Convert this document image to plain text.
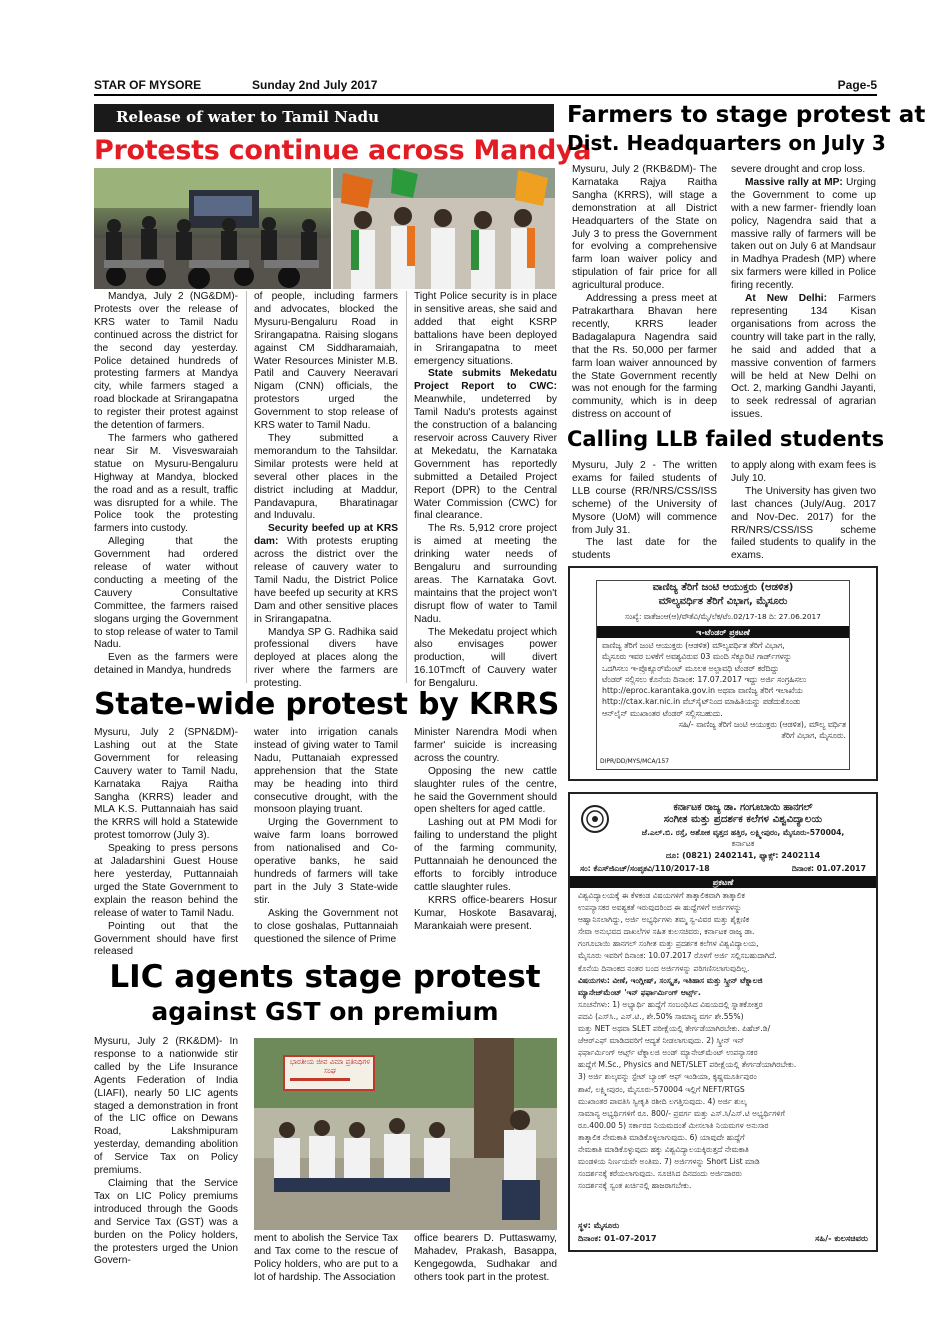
STAR OF MYSORE	Sunday 2nd July 2017	Page-5
Release of water to Tamil Nadu
Protests continue across Mandya

Mandya, July 2 (NG&DM)- Protests over the release of KRS water to Tamil Nadu continued across the district for the second day yesterday. Police detained hundreds of protesting farmers at Mandya city, while farmers staged a road blockade at Srirangapatna to register their protest against the detention of farmers.

The farmers who gathered near Sir M. Visveswaraiah statue on Mysuru-Bengaluru Highway at Mandya, blocked the road and as a result, traffic was disrupted for a while. The Police took the protesting farmers into custody.

Alleging that the Government had ordered release of water without conducting a meeting of the Cauvery Consultative Committee, the farmers raised slogans urging the Government to stop release of water to Tamil Nadu.

Even as the farmers were detained in Mandya, hundreds

of people, including farmers and advocates, blocked the Mysuru-Bengaluru Road in Srirangapatna. Raising slogans against CM Siddharamaiah, Water Resources Minister M.B. Patil and Cauvery Neeravari Nigam (CNN) officials, the protestors urged the Government to stop release of KRS water to Tamil Nadu.

They submitted a memorandum to the Tahsildar. Similar protests were held at several other places in the district including at Maddur, Pandavapura, Bharatinagar and Induvalu.

Security beefed up at KRS dam: With protests erupting across the district over the release of cauvery water to Tamil Nadu, the District Police have beefed up security at KRS Dam and other sensitive places in Srirangapatna.

Mandya SP G. Radhika said professional divers have deployed at places along the river where the farmers are protesting.

Tight Police security is in place in sensitive areas, she said and added that eight KSRP battalions have been deployed in Srirangapatna to meet emergency situations.

State submits Mekedatu Project Report to CWC: Meanwhile, undeterred by Tamil Nadu's protests against the construction of a balancing reservoir across Cauvery River at Mekedatu, the Karnataka Government has reportedly submitted a Detailed Project Report (DPR) to the Central Water Commission (CWC) for final clearance.

The Rs. 5,912 crore project is aimed at meeting the drinking water needs of Bengaluru and surrounding areas. The Karnataka Govt. maintains that the project won't disrupt flow of water to Tamil Nadu.

The Mekedatu project which also envisages power production, will divert 16.10Tmcft of Cauvery water for Bengaluru.

State-wide protest by KRRS

Mysuru, July 2 (SPN&DM)- Lashing out at the State Government for releasing Cauvery water to Tamil Nadu, Karnataka Rajya Raitha Sangha (KRRS) leader and MLA K.S. Puttannaiah has said the KRRS will hold a Statewide protest tomorrow (July 3).

Speaking to press persons at Jaladarshini Guest House here yesterday, Puttannaiah urged the State Government to explain the reason behind the release of water to Tamil Nadu.

Pointing out that the Government should have first released

water into irrigation canals instead of giving water to Tamil Nadu, Puttanaiah expressed apprehension that the State may be heading into third consecutive drought, with the monsoon playing truant.

Urging the Government to waive farm loans borrowed from nationalised and Co-operative banks, he said hundreds of farmers will take part in the July 3 State-wide stir.

Asking the Government not to close goshalas, Puttannaiah questioned the silence of Prime

Minister Narendra Modi when farmer' suicide is increasing across the country.

Opposing the new cattle slaughter rules of the centre, he said the Government should open shelters for aged cattle.

Lashing out at PM Modi for failing to understand the plight of the farming community, Puttannaiah he denounced the efforts to forcibly introduce cattle slaughter rules.

KRRS office-bearers Hosur Kumar, Hoskote Basavaraj, Marankaiah were present.

LIC agents stage protest
against GST on premium

Mysuru, July 2 (RK&DM)- In response to a nationwide stir called by the Life Insurance Agents Federation of India (LIAFI), nearly 50 LIC agents staged a demonstration in front of the LIC office on Dewans Road, Lakshmipuram yesterday, demanding abolition of Service Tax on Policy premiums.

Claiming that the Service Tax on LIC Policy premiums introduced through the Goods and Service Tax (GST) was a burden on the Policy holders, the protesters urged the Union Govern-

ಭಾರತೀಯ ಜೀವ ವಿಮಾ ಪ್ರತಿನಿಧಿಗಳ ಸಂಘ

ment to abolish the Service Tax and Tax come to the rescue of Policy holders, who are put to a lot of hardship. The Association

office bearers D. Puttaswamy, Mahadev, Prakash, Basappa, Kengegowda, Sudhakar and others took part in the protest.

Farmers to stage protest at
Dist. Headquarters on July 3

Mysuru, July 2 (RKB&DM)- The Karnataka Rajya Raitha Sangha (KRRS), will stage a demonstration at all District Headquarters of the State on July 3 to press the Government for evolving a comprehensive farm loan waiver policy and stipulation of fair price for all agricultural produce.

Addressing a press meet at Patrakarthara Bhavan here recently, KRRS leader Badagalapura Nagendra said that the Rs. 50,000 per farmer farm loan waiver announced by the State Government recently was not enough for the farming community, which is in deep distress on account of

severe drought and crop loss.

Massive rally at MP: Urging the Government to come up with a new farmer- friendly loan policy, Nagendra said that a massive rally of farmers will be taken out on July 6 at Mandsaur in Madhya Pradesh (MP) where six farmers were killed in Police firing recently.

At New Delhi: Farmers representing 134 Kisan organisations from across the country will take part in the rally, he said and added that a massive convention of farmers will be held at New Delhi on Oct. 2, marking Gandhi Jayanti, to seek redressal of agrarian issues.

Calling LLB failed students

Mysuru, July 2 - The written exams for failed students of LLB course (RR/NRS/CSS/ISS scheme) of the University of Mysore (UoM) will commence from July 31.

The last date for the students

to apply along with exam fees is July 10.

The University has given two last chances (July/Aug. 2017 and Nov-Dec. 2017) for the RR/NRS/CSS/ISS scheme failed students to qualify in the exams.

ವಾಣಿಜ್ಯ ತೆರಿಗೆ ಜಂಟಿ ಆಯುಕ್ತರು (ಆಡಳಿತ)
ಮೌಲ್ಯವರ್ಧಿತ ತೆರಿಗೆ ವಿಭಾಗ, ಮೈಸೂರು
ಸಂಖ್ಯೆ: ವಾತೆಜಂಆ(ಆ)/ವೌತೆವಿ/ಮೈ/ಲೆಕ/ಟೆಂ.02/17-18 ದಿ: 27.06.2017
ಇ-ಟೆಂಡರ್ ಪ್ರಕಟಣೆ
ವಾಣಿಜ್ಯ ತೆರಿಗೆ ಜಂಟಿ ಆಯುಕ್ತರು (ಆಡಳಿತ) ಮೌಲ್ಯವರ್ಧಿತ ತೆರಿಗೆ ವಿಭಾಗ,
ಮೈಸೂರು ಇವರ ಬಳಕೆಗೆ ಅವಶ್ಯವಿರುವ 03 ಮಂದಿ ಸೆಕ್ಯೂರಿಟಿ ಗಾರ್ಡ್‌ಗಳನ್ನು
ಒದಗಿಸಲು ಇ-ಪ್ರೊಕ್ಯೂರ್‌ಮೆಂಟ್ ಮೂಲಕ ಅಲ್ಪಾವಧಿ ಟೆಂಡರ್ ಕರೆದಿದ್ದು
ಟೆಂಡರ್ ಸಲ್ಲಿಸಲು ಕೊನೆಯ ದಿನಾಂಕ: 17.07.2017 ಇದ್ದು ಅರ್ಜಿ ಸಂಗ್ರಹಿಸಲು
http://eproc.karantaka.gov.in ಅಥವಾ ವಾಣಿಜ್ಯ ತೆರಿಗೆ ಇಲಾಖೆಯ
http://ctax.kar.nic.in ವೆಬ್‌ಸೈಟ್‌ನಿಂದ ಮಾಹಿತಿಯನ್ನು ಪಡೆದುಕೊಂಡು
ಆನ್‌ಲೈನ್ ಮುಖಾಂತರ ಟೆಂಡರ್ ಸಲ್ಲಿಸಬಹುದು.
ಸಹಿ/- ವಾಣಿಜ್ಯ ತೆರಿಗೆ ಜಂಟಿ ಆಯುಕ್ತರು (ಆಡಳಿತ), ಮೌಲ್ಯ ವರ್ಧಿತ
ತೆರಿಗೆ ವಿಭಾಗ, ಮೈಸೂರು.
DIPR/DD/MYS/MCA/157
ಕರ್ನಾಟಕ ರಾಜ್ಯ ಡಾ. ಗಂಗೂಬಾಯಿ ಹಾನಗಲ್
ಸಂಗೀತ ಮತ್ತು ಪ್ರದರ್ಶಕ ಕಲೆಗಳ ವಿಶ್ವವಿದ್ಯಾಲಯ
ಜೆ.ಎಲ್.ಬಿ. ರಸ್ತೆ, ಅಶೋಕ ವೃತ್ತದ ಹತ್ತಿರ, ಲಕ್ಷ್ಮೀಪುರಂ, ಮೈಸೂರು-570004,
ಕರ್ನಾಟಕ
ದೂ: (0821) 2402141, ಫ್ಯಾಕ್ಸ್: 2402114
ಸಂ: ಕೆಎಸ್‌ಜಿಎಚ್/ಸಂಪೃಕವಿ/110/2017-18	ದಿನಾಂಕ: 01.07.2017
ಪ್ರಕಟಣೆ
ವಿಶ್ವವಿದ್ಯಾಲಯಕ್ಕೆ ಈ ಕೆಳಕಂಡ ವಿಷಯಗಳಿಗೆ ತಾತ್ಕಾಲಿಕವಾಗಿ ತಾತ್ಕಾಲಿಕ
ಉಪನ್ಯಾಸಕರ ಅವಶ್ಯಕತೆ ಇರುವುದರಿಂದ ಈ ಹುದ್ದೆಗಳಿಗೆ ಅರ್ಜಿಗಳನ್ನು
ಆಹ್ವಾನಿಸಲಾಗಿದ್ದು, ಅರ್ಜಿ ಅಭ್ಯರ್ಥಿಗಳು ತಮ್ಮ ಸ್ವ-ವಿವರ ಮತ್ತು ಶೈಕ್ಷಣಿಕ
ಸೇವಾ ಅನುಭವದ ದಾಖಲೆಗಳ ಸಹಿತ ಕುಲಸಚಿವರು, ಕರ್ನಾಟಕ ರಾಜ್ಯ ಡಾ.
ಗಂಗೂಬಾಯಿ ಹಾನಗಲ್ ಸಂಗೀತ ಮತ್ತು ಪ್ರದರ್ಶಕ ಕಲೆಗಳ ವಿಶ್ವವಿದ್ಯಾಲಯ,
ಮೈಸೂರು ಇವರಿಗೆ ದಿನಾಂಕ: 10.07.2017 ರೊಳಗೆ ಅರ್ಜಿ ಸಲ್ಲಿಸಬಹುದಾಗಿದೆ.
ಕೊನೆಯ ದಿನಾಂಕದ ನಂತರ ಬಂದ ಅರ್ಜಿಗಳನ್ನು ಪರಿಗಣಿಸಲಾಗುವುದಿಲ್ಲ.
ವಿಷಯಗಳು: ವೀಣೆ, ಇಂಗ್ಲೀಷ್, ಸಂಸ್ಕೃತ, ಇತಿಹಾಸ ಮತ್ತು ಸ್ಕ್ರೀನ್ ಟೆಕ್ನಾಲಜಿ
ಮ್ಯಾನೇಜ್‌ಮೆಂಟ್ 'ಇನ್ ಫರ್ಫಾರ್ಮಿಂಗ್ ಆರ್ಟ್ಸ್.
ಸೂಚನೆಗಳು: 1) ಅಭ್ಯಾರ್ಥಿ ಹುದ್ದೆಗೆ ಸಂಬಂಧಿಸಿದ ವಿಷಯದಲ್ಲಿ ಸ್ನಾತಕೋತ್ತರ
ಪದವಿ (ಎಸ್‌ಸಿ., ಎಸ್‌.ಟಿ., ಶೇ.50% ಸಾಮಾನ್ಯ ವರ್ಗ ಶೇ.55%)
ಮತ್ತು NET ಅಥವಾ SLET ಪರೀಕ್ಷೆಯಲ್ಲಿ ತೇರ್ಗಡೆಯಾಗಿರಬೇಕು. ಪಿಹೆಚ್.ಡಿ/
ಜೆಆರ್‌ಎಫ್ ಮಾಡಿದವರಿಗೆ ಆದ್ಯತೆ ನೀಡಲಾಗುವುದು. 2) ಸ್ಕ್ರೀನ್ ಇನ್
ಫರ್ಫಾರ್ಮಿಂಗ್ ಆರ್ಟ್ಸ್ ಟೆಕ್ನಾಲಜಿ ಅಂಡ್ ಮ್ಯಾನೇಜ್‌ಮೆಂಟ್ ಉಪನ್ಯಾಸಕರ
ಹುದ್ದೆಗೆ M.Sc., Physics and NET/SLET ಪರೀಕ್ಷೆಯಲ್ಲಿ ತೇರ್ಗಡೆಯಾಗಿರಬೇಕು.
3) ಅರ್ಜಿ ಶುಲ್ಕವನ್ನು ಸ್ಟೇಟ್ ಬ್ಯಾಂಕ್ ಆಫ್ ಇಂಡಿಯಾ, ಕೃಷ್ಣಮೂರ್ತಿಪುರಂ
ಶಾಖೆ, ಲಕ್ಷ್ಮೀಪುರಂ, ಮೈಸೂರು-570004 ಇಲ್ಲಿಗೆ NEFT/RTGS
ಮುಖಾಂತರ ಪಾವತಿಸಿ ಸ್ವೀಕೃತಿ ರಶೀದಿ ಲಗತ್ತಿಸುವುದು. 4) ಅರ್ಜಿ ಶುಲ್ಕ
ಸಾಮಾನ್ಯ ಅಭ್ಯರ್ಥಿಗಳಿಗೆ ರೂ. 800/- ಪ್ರವರ್ಗ ಮತ್ತು ಎಸ್‌.ಸಿ/ಎಸ್‌.ಟಿ ಅಭ್ಯರ್ಥಿಗಳಿಗೆ
ರೂ.400.00 5) ಸರ್ಕಾರದ ನಿಯಮದಂತೆ ಮೀಸಲಾತಿ ನಿಯಮಗಳ ಅನುಸಾರ
ತಾತ್ಕಾಲಿಕ ನೇಮಕಾತಿ ಮಾಡಿಕೊಳ್ಳಲಾಗುವುದು. 6) ಯಾವುದೇ ಹುದ್ದೆಗೆ
ನೇಮಕಾತಿ ಮಾಡಿಕೊಳ್ಳುವುದು ಹಕ್ಕು ವಿಶ್ವವಿದ್ಯಾಲಯಕ್ಕಿರುತ್ತದೆ ನೇಮಕಾತಿ
ಮಂಡಳಿಯ ನಿರ್ಣಯವೇ ಅಂತಿಮ. 7) ಅರ್ಜಿಗಳನ್ನು Short List ಮಾಡಿ
ಸಂದರ್ಶನಕ್ಕೆ ಕರೆಯಲಾಗುವುದು. ಸೂಚಿಸಿದ ದಿನದಂದು ಅರ್ಜಿದಾರರು
ಸಂದರ್ಶನಕ್ಕೆ ಸ್ವಂತ ಖರ್ಚಿನಲ್ಲಿ ಹಾಜರಾಗಬೇಕು.
ಸ್ಥಳ: ಮೈಸೂರು
ದಿನಾಂಕ: 01-07-2017	ಸಹಿ/- ಕುಲಸಚಿವರು
